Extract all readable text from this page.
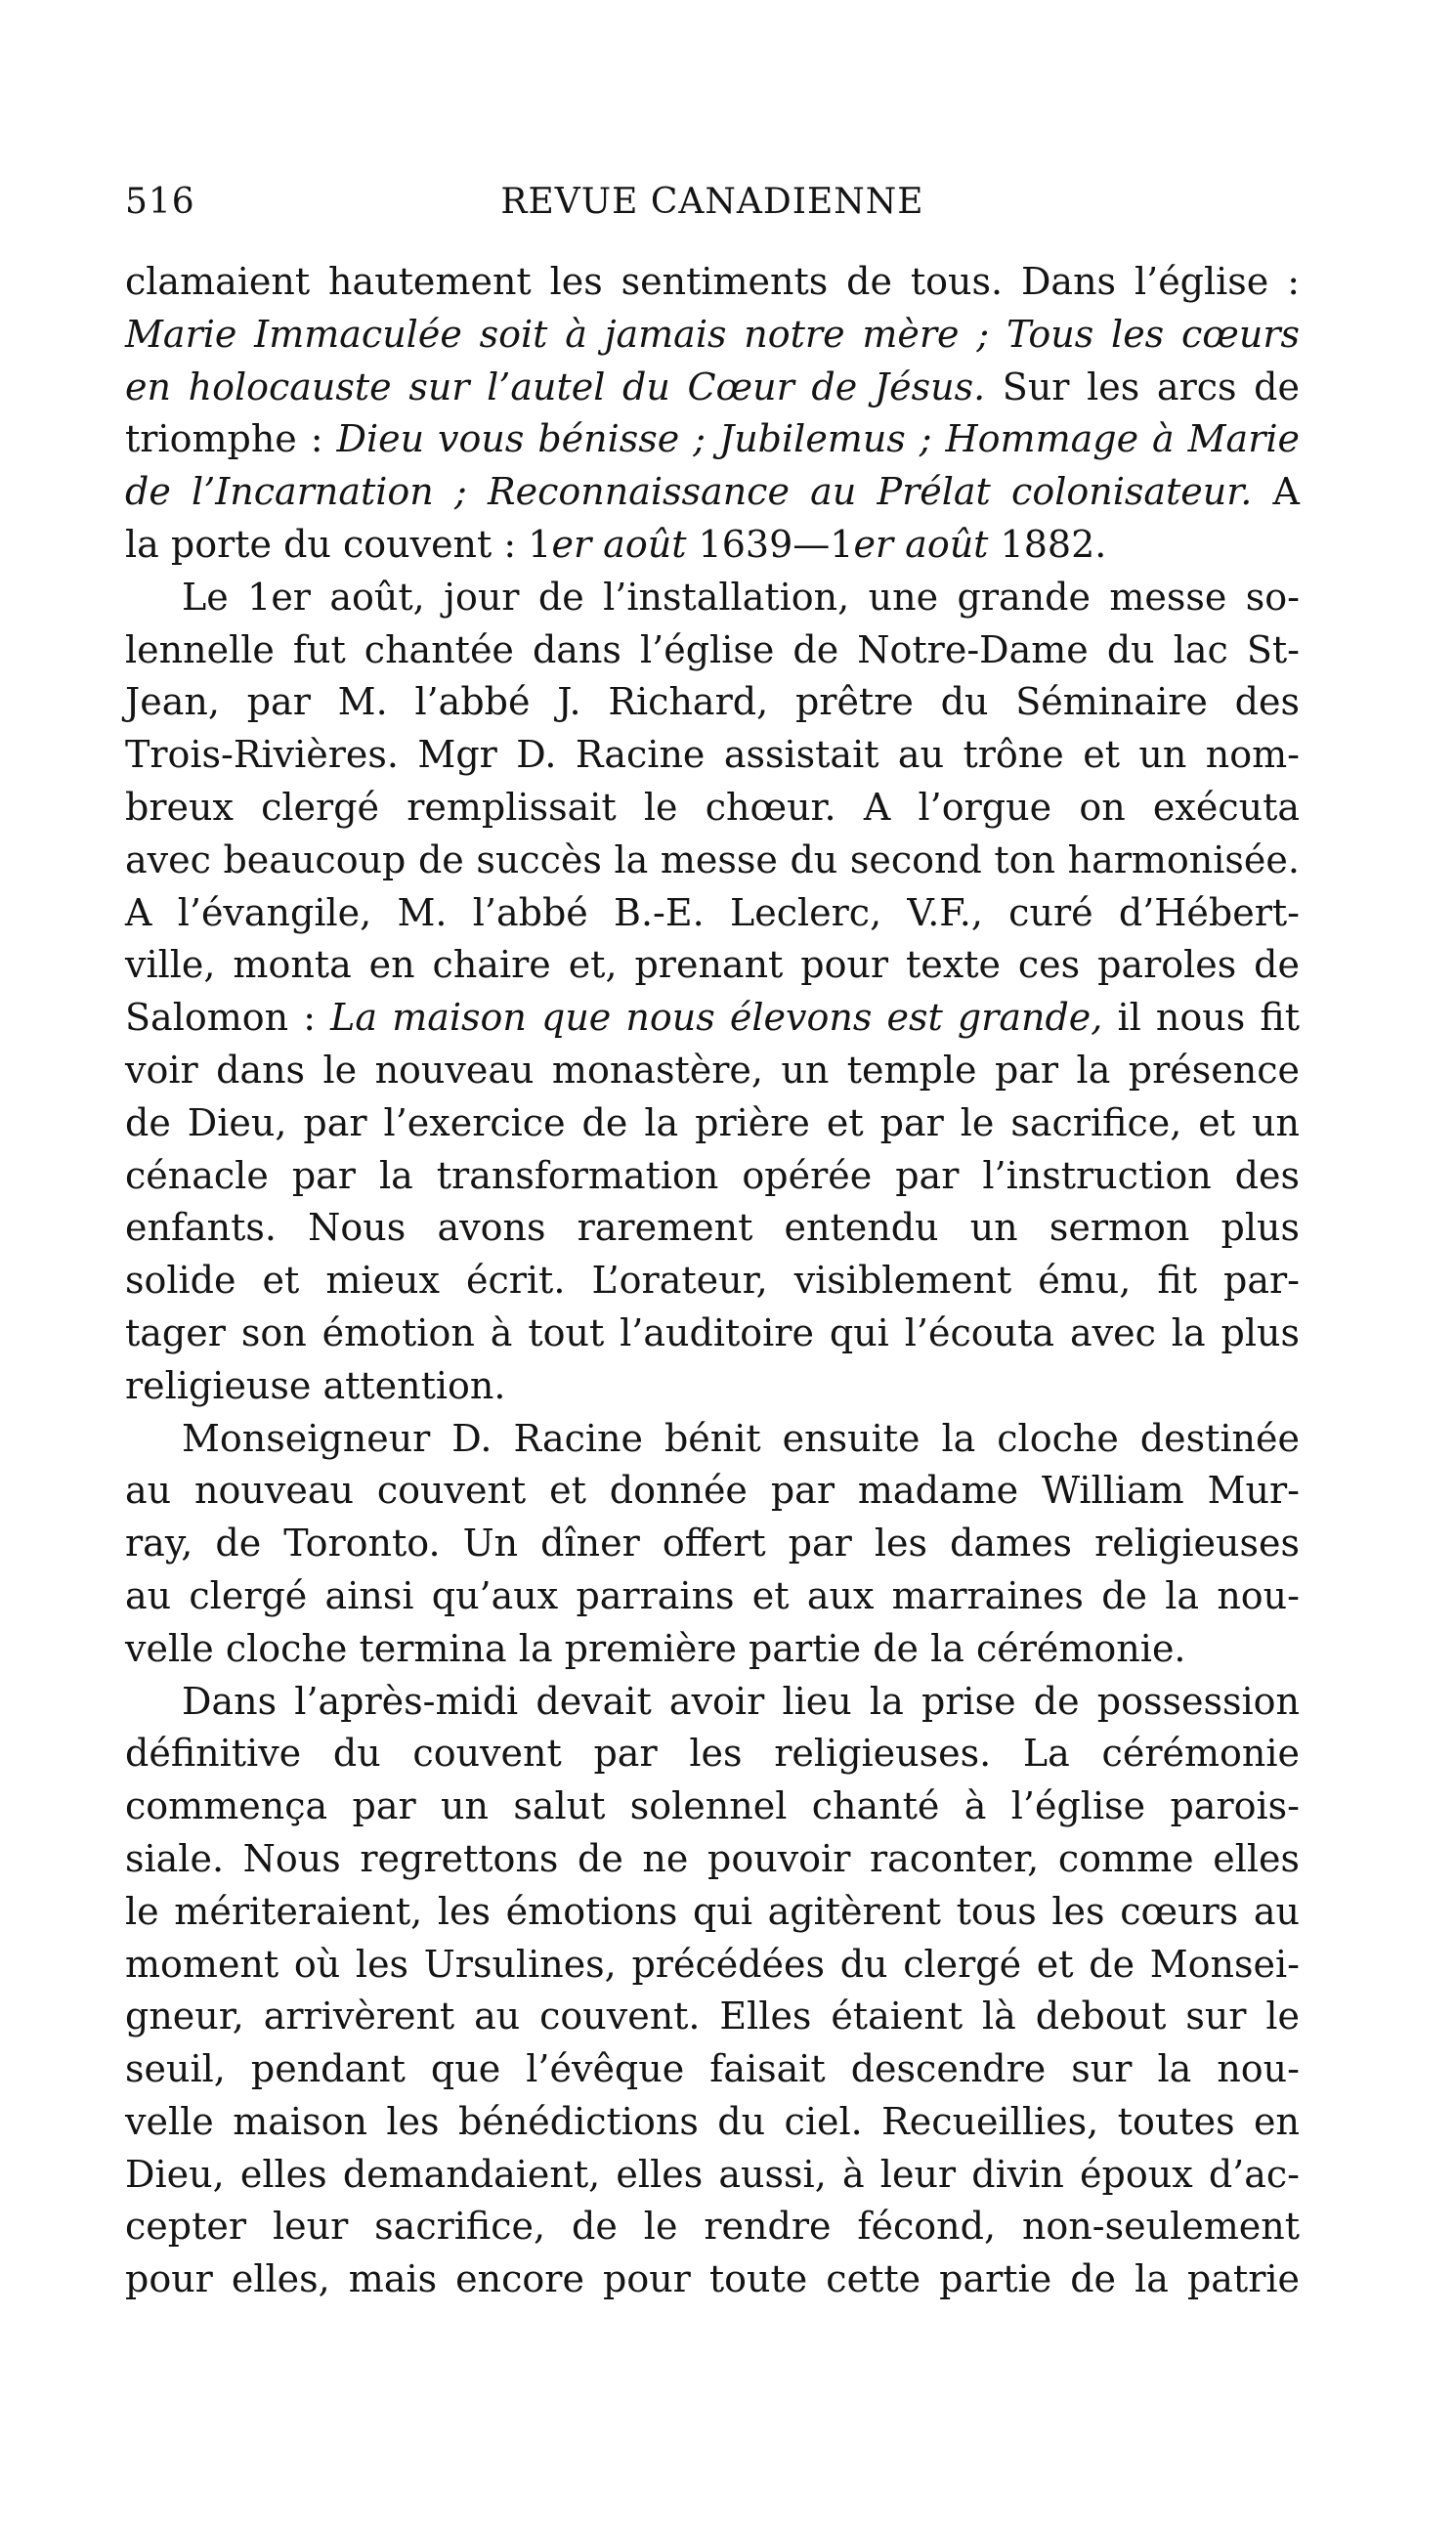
516	REVUE CANADIENNE
clamaient hautement les sentiments de tous. Dans l’église :
Marie Immaculée soit à jamais notre mère ; Tous les cœurs
en holocauste sur l’autel du Cœur de Jésus. Sur les arcs de
triomphe : Dieu vous bénisse ; Jubilemus ; Hommage à Marie
de l’Incarnation ; Reconnaissance au Prélat colonisateur. A
la porte du couvent : 1er août 1639—1er août 1882.
Le 1er août, jour de l’installation, une grande messe so-
lennelle fut chantée dans l’église de Notre-Dame du lac St-
Jean, par M. l’abbé J. Richard, prêtre du Séminaire des
Trois-Rivières. Mgr D. Racine assistait au trône et un nom-
breux clergé remplissait le chœur. A l’orgue on exécuta
avec beaucoup de succès la messe du second ton harmonisée.
A l’évangile, M. l’abbé B.-E. Leclerc, V.F., curé d’Hébert-
ville, monta en chaire et, prenant pour texte ces paroles de
Salomon : La maison que nous élevons est grande, il nous fit
voir dans le nouveau monastère, un temple par la présence
de Dieu, par l’exercice de la prière et par le sacrifice, et un
cénacle par la transformation opérée par l’instruction des
enfants. Nous avons rarement entendu un sermon plus
solide et mieux écrit. L’orateur, visiblement ému, fit par-
tager son émotion à tout l’auditoire qui l’écouta avec la plus
religieuse attention.
Monseigneur D. Racine bénit ensuite la cloche destinée
au nouveau couvent et donnée par madame William Mur-
ray, de Toronto. Un dîner offert par les dames religieuses
au clergé ainsi qu’aux parrains et aux marraines de la nou-
velle cloche termina la première partie de la cérémonie.
Dans l’après-midi devait avoir lieu la prise de possession
définitive du couvent par les religieuses. La cérémonie
commença par un salut solennel chanté à l’église parois-
siale. Nous regrettons de ne pouvoir raconter, comme elles
le mériteraient, les émotions qui agitèrent tous les cœurs au
moment où les Ursulines, précédées du clergé et de Monsei-
gneur, arrivèrent au couvent. Elles étaient là debout sur le
seuil, pendant que l’évêque faisait descendre sur la nou-
velle maison les bénédictions du ciel. Recueillies, toutes en
Dieu, elles demandaient, elles aussi, à leur divin époux d’ac-
cepter leur sacrifice, de le rendre fécond, non-seulement
pour elles, mais encore pour toute cette partie de la patrie
